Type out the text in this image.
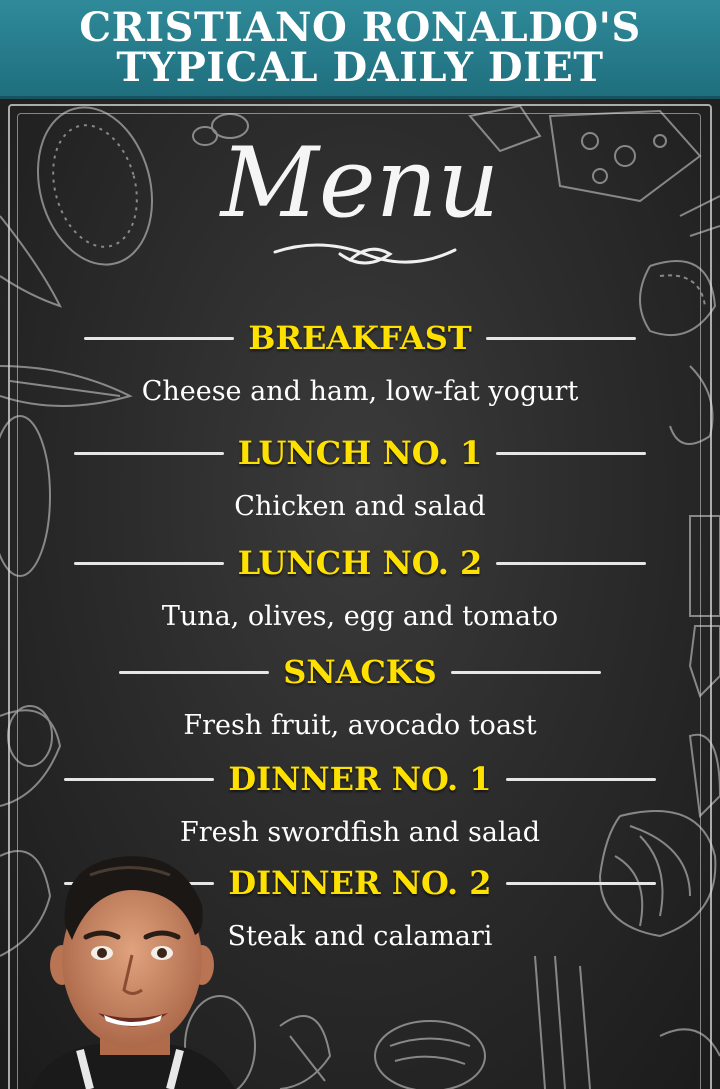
CRISTIANO RONALDO'S
TYPICAL DAILY DIET
Menu
BREAKFAST
Cheese and ham, low-fat yogurt
LUNCH NO. 1
Chicken and salad
LUNCH NO. 2
Tuna, olives, egg and tomato
SNACKS
Fresh fruit, avocado toast
DINNER NO. 1
Fresh swordfish and salad
DINNER NO. 2
Steak and calamari
